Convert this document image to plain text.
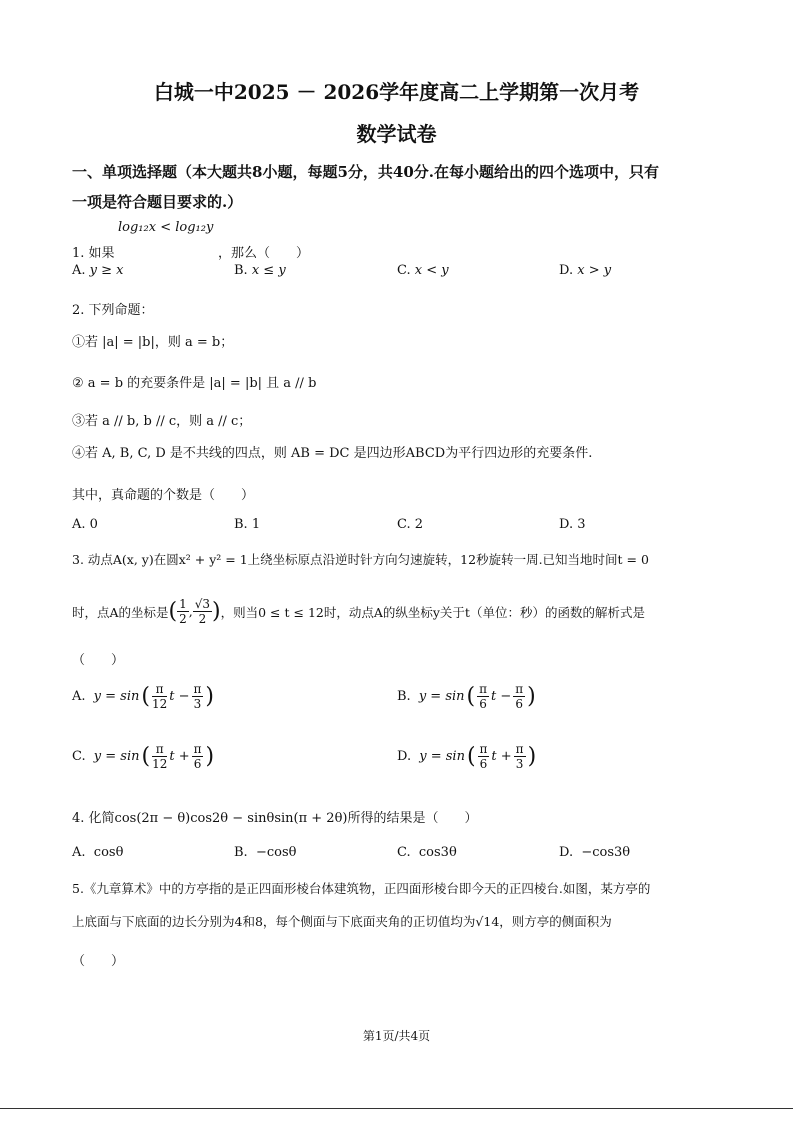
白城一中2025 － 2026学年度高二上学期第一次月考
数学试卷
一、单项选择题（本大题共8小题，每题5分，共40分.在每小题给出的四个选项中，只有
一项是符合题目要求的.）
log₁₂x < log₁₂y
1. 如果	，那么（　　）
A. y ≥ x	B. x ≤ y	C. x < y	D. x > y
2. 下列命题：
①若 |a| = |b|，则 a = b；
② a = b 的充要条件是 |a| = |b| 且 a // b
③若 a // b, b // c，则 a // c；
④若 A, B, C, D 是不共线的四点，则 AB = DC 是四边形ABCD为平行四边形的充要条件.
其中，真命题的个数是（　　）
A. 0	B. 1	C. 2	D. 3
3. 动点A(x, y)在圆x² + y² = 1上绕坐标原点沿逆时针方向匀速旋转，12秒旋转一周.已知当地时间t = 0
时，点A的坐标是 ( $\frac{1}{2}$ , $\frac{√3}{2}$ ) ，则当0 ≤ t ≤ 12时，动点A的纵坐标y关于t（单位：秒）的函数的解析式是
（　　）
A.
y = sin ( $\frac{\pi}{12}$ $t - \frac{\pi}{3}$ )	B.
y = sin ( $\frac{\pi}{6}$ $t - \frac{\pi}{6}$ )
C.
y = sin ( $\frac{\pi}{12}$ $t + \frac{\pi}{6}$ )	D.
y = sin ( $\frac{\pi}{6}$ $t + \frac{\pi}{3}$ )
4. 化简cos(2π − θ)cos2θ − sinθsin(π + 2θ)所得的结果是（　　）
A. cosθ	B. −cosθ	C. cos3θ	D. −cos3θ
5.《九章算术》中的方亭指的是正四面形棱台体建筑物，正四面形棱台即今天的正四棱台.如图，某方亭的
上底面与下底面的边长分别为4和8，每个侧面与下底面夹角的正切值均为√14，则方亭的侧面积为
（　　）
第1页/共4页
